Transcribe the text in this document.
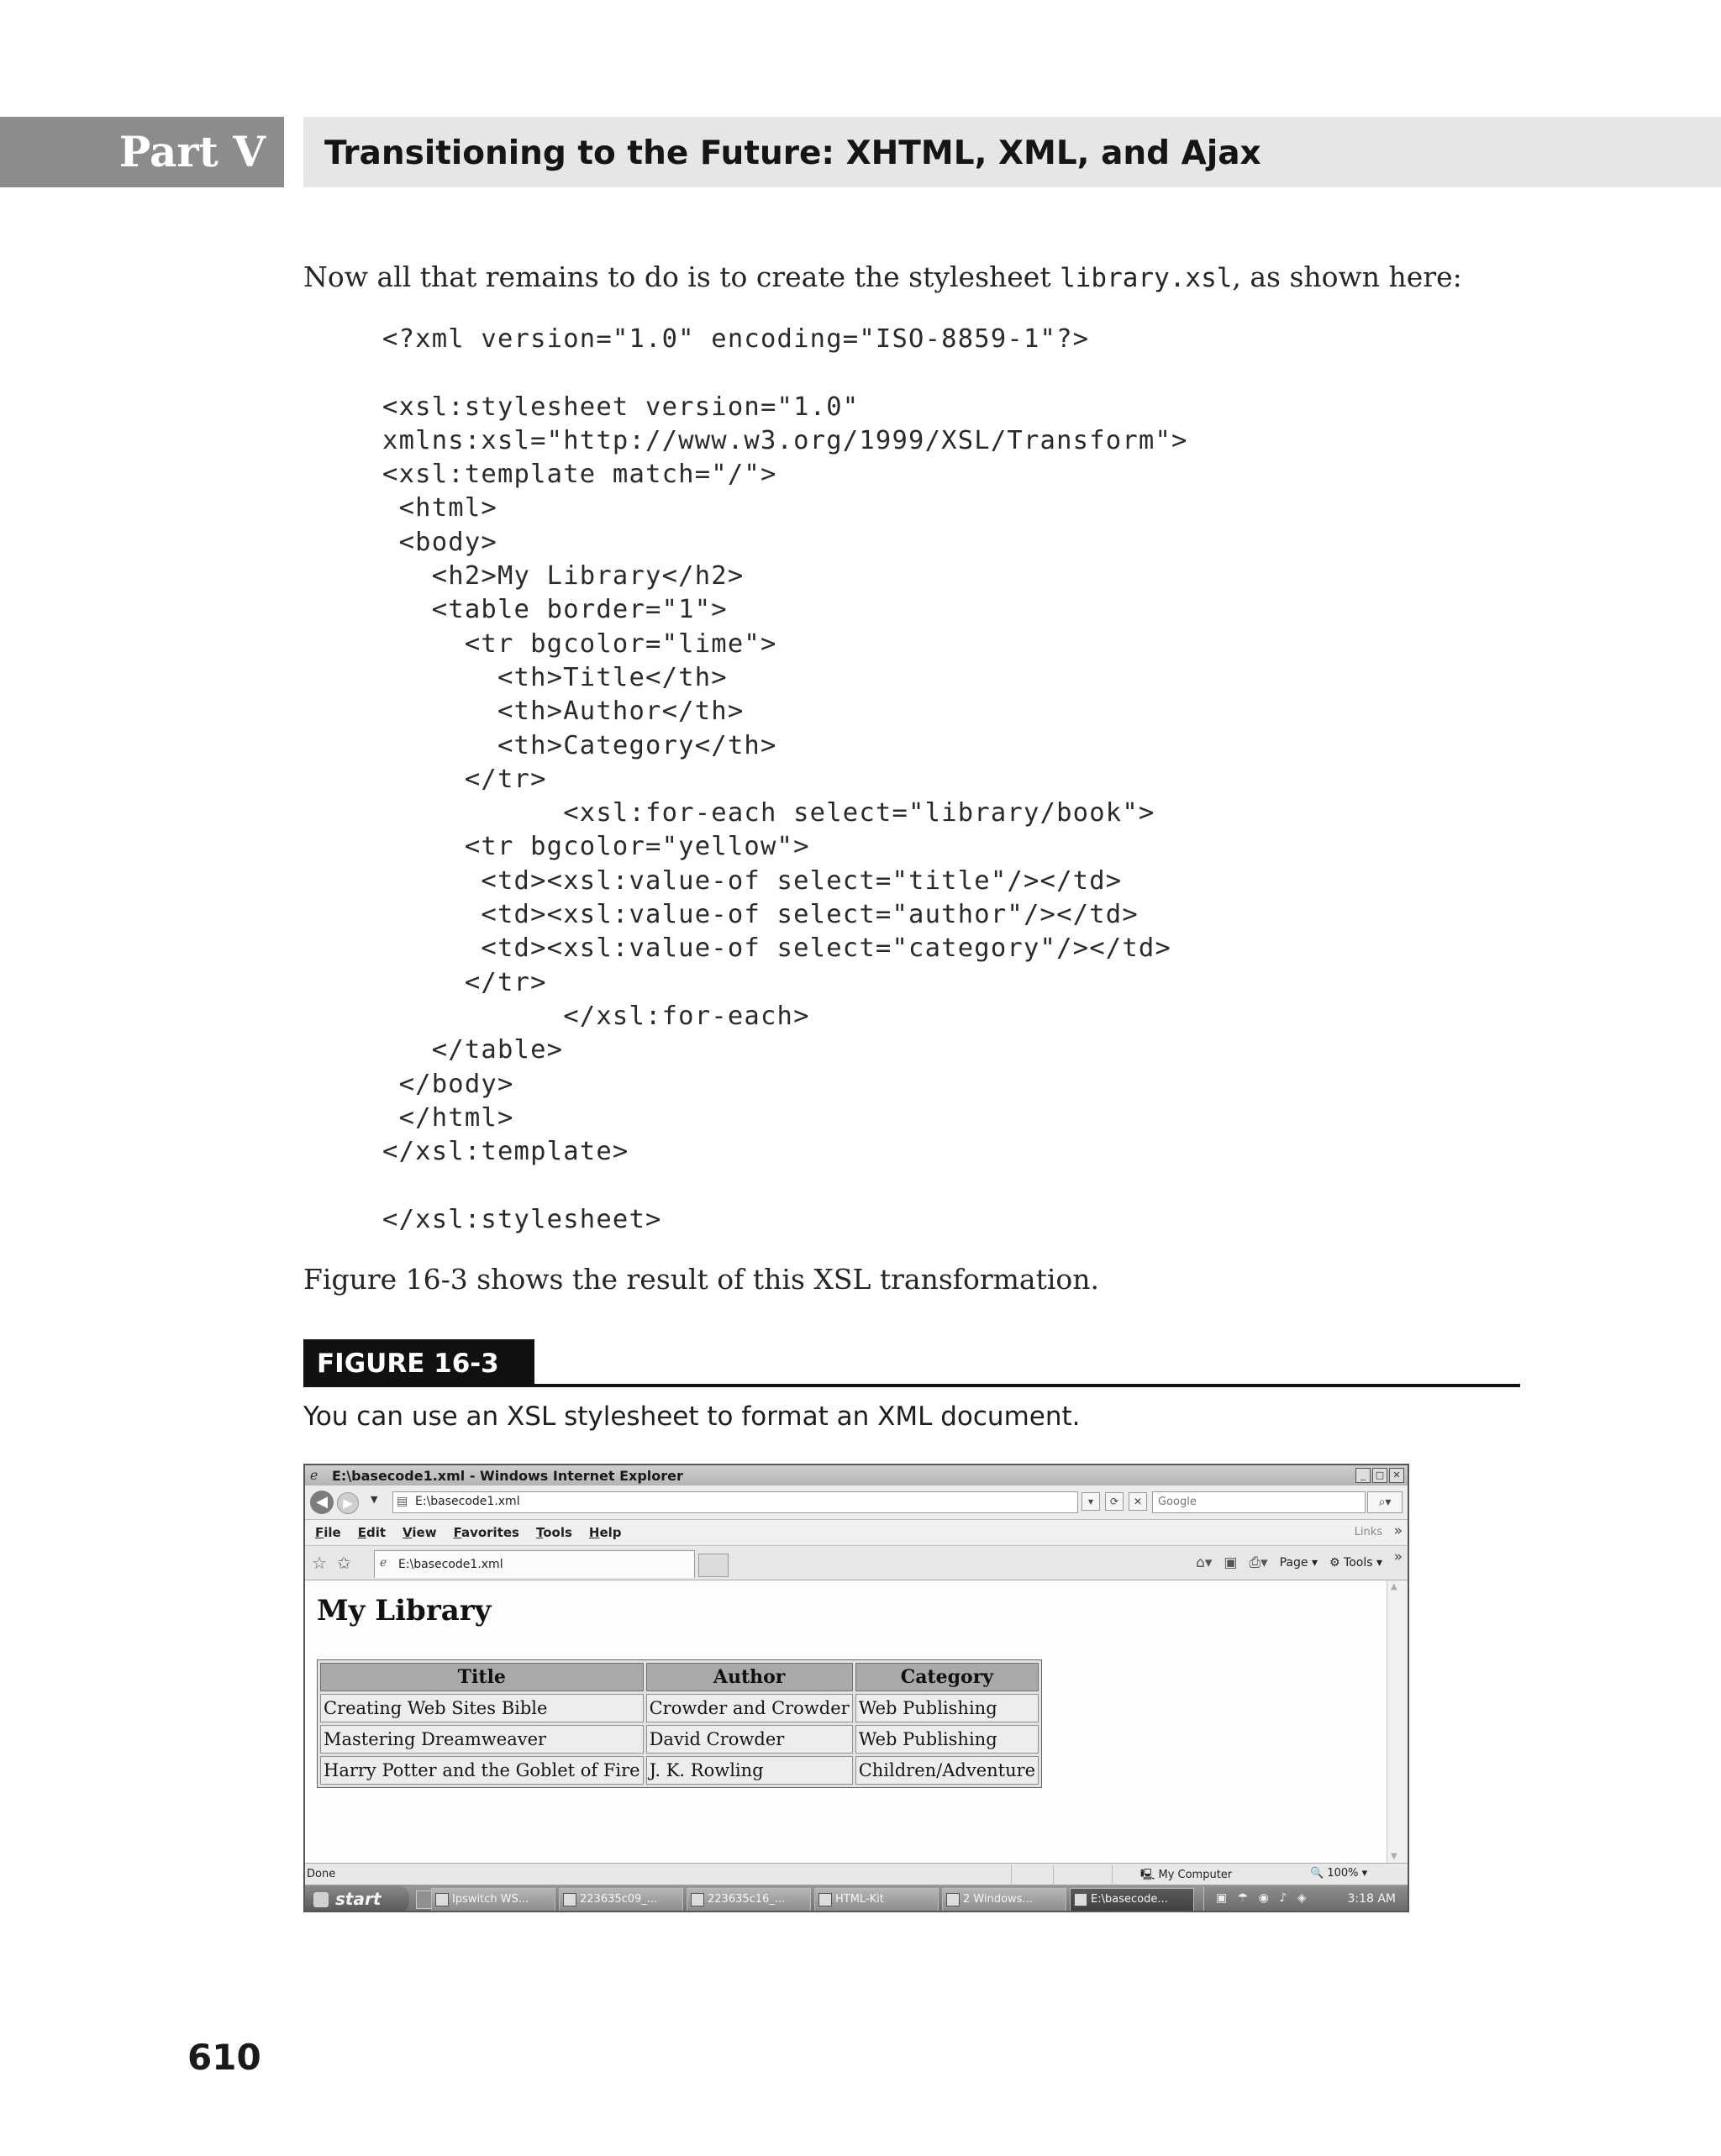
Part V Transitioning to the Future: XHTML, XML, and Ajax
Now all that remains to do is to create the stylesheet library.xsl, as shown here:
<?xml version="1.0" encoding="ISO-8859-1"?>

<xsl:stylesheet version="1.0"
xmlns:xsl="http://www.w3.org/1999/XSL/Transform">
<xsl:template match="/">
<html>
<body>
<h2>My Library</h2>
<table border="1">
<tr bgcolor="lime">
<th>Title</th>
<th>Author</th>
<th>Category</th>
</tr>
<xsl:for-each select="library/book">
<tr bgcolor="yellow">
<td><xsl:value-of select="title"/></td>
<td><xsl:value-of select="author"/></td>
<td><xsl:value-of select="category"/></td>
</tr>
</xsl:for-each>
</table>
</body>
</html>
</xsl:template>

</xsl:stylesheet>
Figure 16-3 shows the result of this XSL transformation.
FIGURE 16-3
You can use an XSL stylesheet to format an XML document.
ℯ E:\basecode1.xml - Windows Internet Explorer	_	□ ✕
◀	▶	▼ ▤ E:\basecode1.xml	▾	⟳	✕
Google	⌕▾
File Edit View Favorites Tools Help	Links »
☆ ✩ ℯ E:\basecode1.xml	⌂▾ ▣ ⎙▾ Page ▾ ⚙ Tools ▾ »
My Library
Title	Author	Category
Creating Web Sites Bible	Crowder and Crowder	Web Publishing
Mastering Dreamweaver	David Crowder	Web Publishing
Harry Potter and the Goblet of Fire	J. K. Rowling	Children/Adventure
▲
▼
Done	🖳 My Computer	🔍 100% ▾
start	Ipswitch WS...	223635c09_...	223635c16_...	HTML-Kit	2 Windows...	E:\basecode...	▣ ☂ ◉ ♪ ◈	3:18 AM
610
